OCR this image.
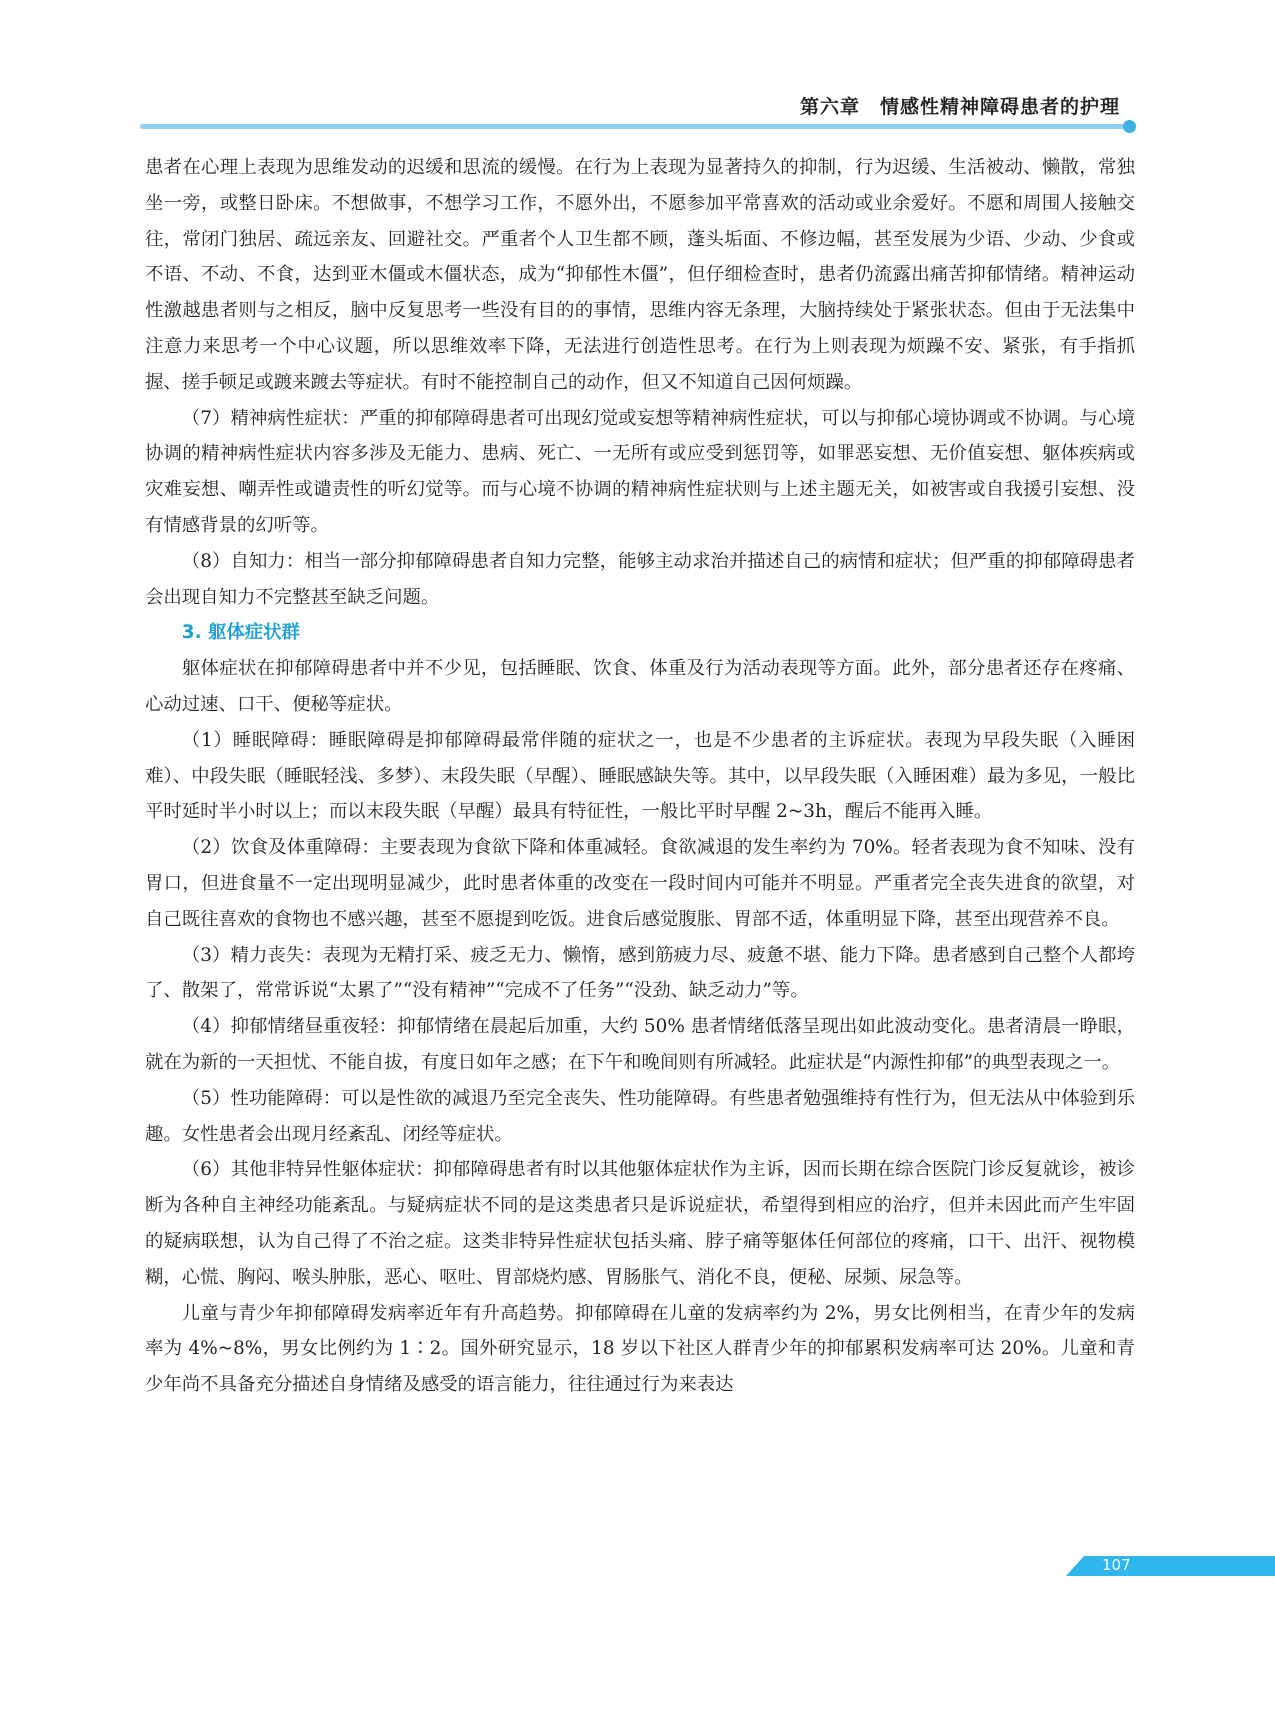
第六章　情感性精神障碍患者的护理

患者在心理上表现为思维发动的迟缓和思流的缓慢。在行为上表现为显著持久的抑制，行为迟缓、生活被动、懒散，常独坐一旁，或整日卧床。不想做事，不想学习工作，不愿外出，不愿参加平常喜欢的活动或业余爱好。不愿和周围人接触交往，常闭门独居、疏远亲友、回避社交。严重者个人卫生都不顾，蓬头垢面、不修边幅，甚至发展为少语、少动、少食或不语、不动、不食，达到亚木僵或木僵状态，成为“抑郁性木僵”，但仔细检查时，患者仍流露出痛苦抑郁情绪。精神运动性激越患者则与之相反，脑中反复思考一些没有目的的事情，思维内容无条理，大脑持续处于紧张状态。但由于无法集中注意力来思考一个中心议题，所以思维效率下降，无法进行创造性思考。在行为上则表现为烦躁不安、紧张，有手指抓握、搓手顿足或踱来踱去等症状。有时不能控制自己的动作，但又不知道自己因何烦躁。

（7）精神病性症状：严重的抑郁障碍患者可出现幻觉或妄想等精神病性症状，可以与抑郁心境协调或不协调。与心境协调的精神病性症状内容多涉及无能力、患病、死亡、一无所有或应受到惩罚等，如罪恶妄想、无价值妄想、躯体疾病或灾难妄想、嘲弄性或谴责性的听幻觉等。而与心境不协调的精神病性症状则与上述主题无关，如被害或自我援引妄想、没有情感背景的幻听等。

（8）自知力：相当一部分抑郁障碍患者自知力完整，能够主动求治并描述自己的病情和症状；但严重的抑郁障碍患者会出现自知力不完整甚至缺乏问题。

3. 躯体症状群

躯体症状在抑郁障碍患者中并不少见，包括睡眠、饮食、体重及行为活动表现等方面。此外，部分患者还存在疼痛、心动过速、口干、便秘等症状。

（1）睡眠障碍：睡眠障碍是抑郁障碍最常伴随的症状之一，也是不少患者的主诉症状。表现为早段失眠（入睡困难）、中段失眠（睡眠轻浅、多梦）、末段失眠（早醒）、睡眠感缺失等。其中，以早段失眠（入睡困难）最为多见，一般比平时延时半小时以上；而以末段失眠（早醒）最具有特征性，一般比平时早醒 2~3h，醒后不能再入睡。

（2）饮食及体重障碍：主要表现为食欲下降和体重减轻。食欲减退的发生率约为 70%。轻者表现为食不知味、没有胃口，但进食量不一定出现明显减少，此时患者体重的改变在一段时间内可能并不明显。严重者完全丧失进食的欲望，对自己既往喜欢的食物也不感兴趣，甚至不愿提到吃饭。进食后感觉腹胀、胃部不适，体重明显下降，甚至出现营养不良。

（3）精力丧失：表现为无精打采、疲乏无力、懒惰，感到筋疲力尽、疲惫不堪、能力下降。患者感到自己整个人都垮了、散架了，常常诉说“太累了”“没有精神”“完成不了任务”“没劲、缺乏动力”等。

（4）抑郁情绪昼重夜轻：抑郁情绪在晨起后加重，大约 50% 患者情绪低落呈现出如此波动变化。患者清晨一睁眼，就在为新的一天担忧、不能自拔，有度日如年之感；在下午和晚间则有所减轻。此症状是“内源性抑郁”的典型表现之一。

（5）性功能障碍：可以是性欲的减退乃至完全丧失、性功能障碍。有些患者勉强维持有性行为，但无法从中体验到乐趣。女性患者会出现月经紊乱、闭经等症状。

（6）其他非特异性躯体症状：抑郁障碍患者有时以其他躯体症状作为主诉，因而长期在综合医院门诊反复就诊，被诊断为各种自主神经功能紊乱。与疑病症状不同的是这类患者只是诉说症状，希望得到相应的治疗，但并未因此而产生牢固的疑病联想，认为自己得了不治之症。这类非特异性症状包括头痛、脖子痛等躯体任何部位的疼痛，口干、出汗、视物模糊，心慌、胸闷、喉头肿胀，恶心、呕吐、胃部烧灼感、胃肠胀气、消化不良，便秘、尿频、尿急等。

儿童与青少年抑郁障碍发病率近年有升高趋势。抑郁障碍在儿童的发病率约为 2%，男女比例相当，在青少年的发病率为 4%~8%，男女比例约为 1∶2。国外研究显示，18 岁以下社区人群青少年的抑郁累积发病率可达 20%。儿童和青少年尚不具备充分描述自身情绪及感受的语言能力，往往通过行为来表达

107
